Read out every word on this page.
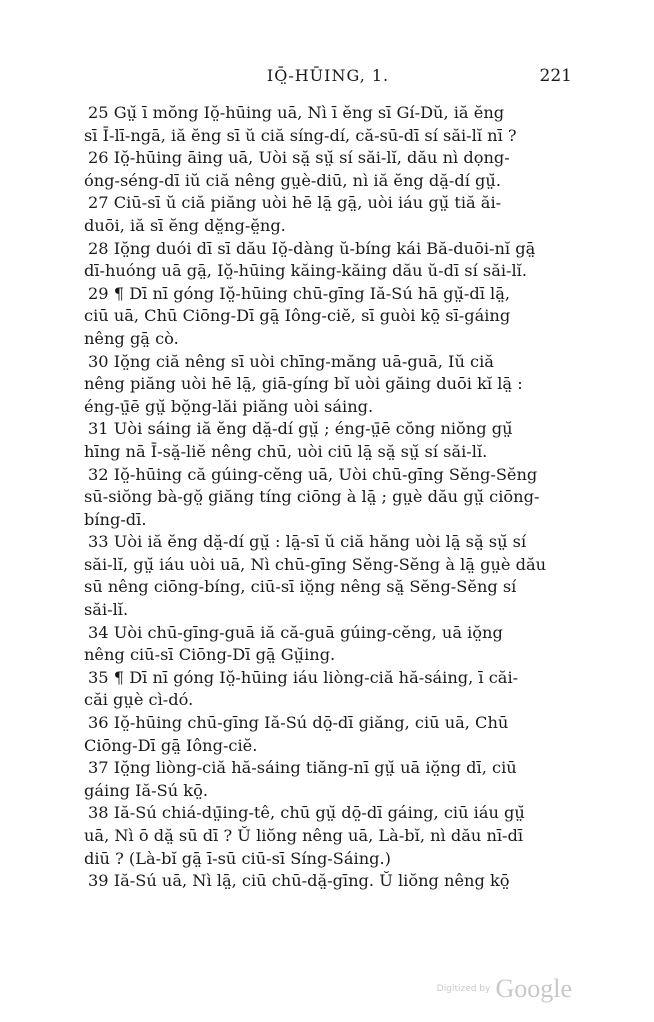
IŌ̤-HŪING, 1.	221

25 Gṳ̆ ī mŏng Iŏ̤-hūing uā, Nì ī ĕng sī Gí-Dŭ, iă ĕng
sī Ī-lī-ngā, iă ĕng sī ŭ ciă síng-dí, că-sū-dī sí săi-lĭ nī ?

26 Iŏ̤-hūing āing uā, Uòi să̤ sṳ̆ sí săi-lĭ, dău nì dọng-
óng-séng-dī iŭ ciă nêng gṳè-diū, nì iă ĕng dă̤-dí gṳ̆.

27 Ciū-sī ŭ ciă piăng uòi hē lā̤ gā̤, uòi iáu gṳ̆ tiă ăi-
duōi, iă sī ĕng dĕ̤ng-ĕ̤ng.

28 Iŏ̤ng duói dī sī dău Iŏ̤-dàng ŭ-bíng kái Bă-duōi-nĭ gā̤
dī-huóng uā gā̤, Iŏ̤-hūing kăing-kăing dău ŭ-dī sí săi-lĭ.

29 ¶ Dī nī góng Iŏ̤-hūing chū-gīng Iă-Sú hā gṳ̆-dī lā̤,
ciū uā, Chū Ciōng-Dī gā̤ Iông-ciĕ, sī guòi kō̤ sī-gáing
nêng gā̤ cò.

30 Iŏ̤ng ciă nêng sī uòi chīng-măng uā-guā, Iŭ ciă
nêng piăng uòi hē lā̤, giā-gíng bĭ uòi găing duōi kĭ lā̤ :
éng-ṳ̄ē gṳ̆ bŏ̤ng-lăi piăng uòi sáing.

31 Uòi sáing iă ĕng dă̤-dí gṳ̆ ; éng-ṳ̄ē cŏng niŏng gṳ̆
hīng nā Ī-să̤-liĕ nêng chū, uòi ciū lā̤ să̤ sṳ̆ sí săi-lĭ.

32 Iŏ̤-hūing că gúing-cĕng uā, Uòi chū-gīng Sĕng-Sĕng
sū-siŏng bà-gŏ̤ giăng tíng ciōng à lā̤ ; gṳè dău gṳ̆ ciōng-
bíng-dī.

33 Uòi iă ĕng dă̤-dí gṳ̆ : lā̤-sī ŭ ciă hăng uòi lā̤ să̤ sṳ̆ sí
săi-lĭ, gṳ̆ iáu uòi uā, Nì chū-gīng Sĕng-Sĕng à lā̤ gṳè dău
sū nêng ciōng-bíng, ciū-sī iŏ̤ng nêng să̤ Sĕng-Sĕng sí
săi-lĭ.

34 Uòi chū-gīng-guā iă că-guā gúing-cĕng, uā iŏ̤ng
nêng ciū-sī Ciōng-Dī gā̤ Gṳ̆ing.

35 ¶ Dī nī góng Iŏ̤-hūing iáu liòng-ciă hă-sáing, ī căi-
căi gṳè cì-dó.

36 Iŏ̤-hūing chū-gīng Iă-Sú dō̤-dī giăng, ciū uā, Chū
Ciōng-Dī gā̤ Iông-ciĕ.

37 Iŏ̤ng liòng-ciă hă-sáing tiăng-nī gṳ̆ uā iŏ̤ng dī, ciū
gáing Iă-Sú kō̤.

38 Iă-Sú chiá-dṳ̄ing-tê, chū gṳ̆ dō̤-dī gáing, ciū iáu gṳ̆
uā, Nì ō dă̤ sū dī ? Ŭ liŏng nêng uā, Là-bĭ, nì dău nī-dī
diū ? (Là-bĭ gā̤ ī-sū ciū-sī Síng-Sáing.)

39 Iă-Sú uā, Nì lā̤, ciū chū-dă̤-gīng. Ŭ liŏng nêng kō̤

Digitized by Google
